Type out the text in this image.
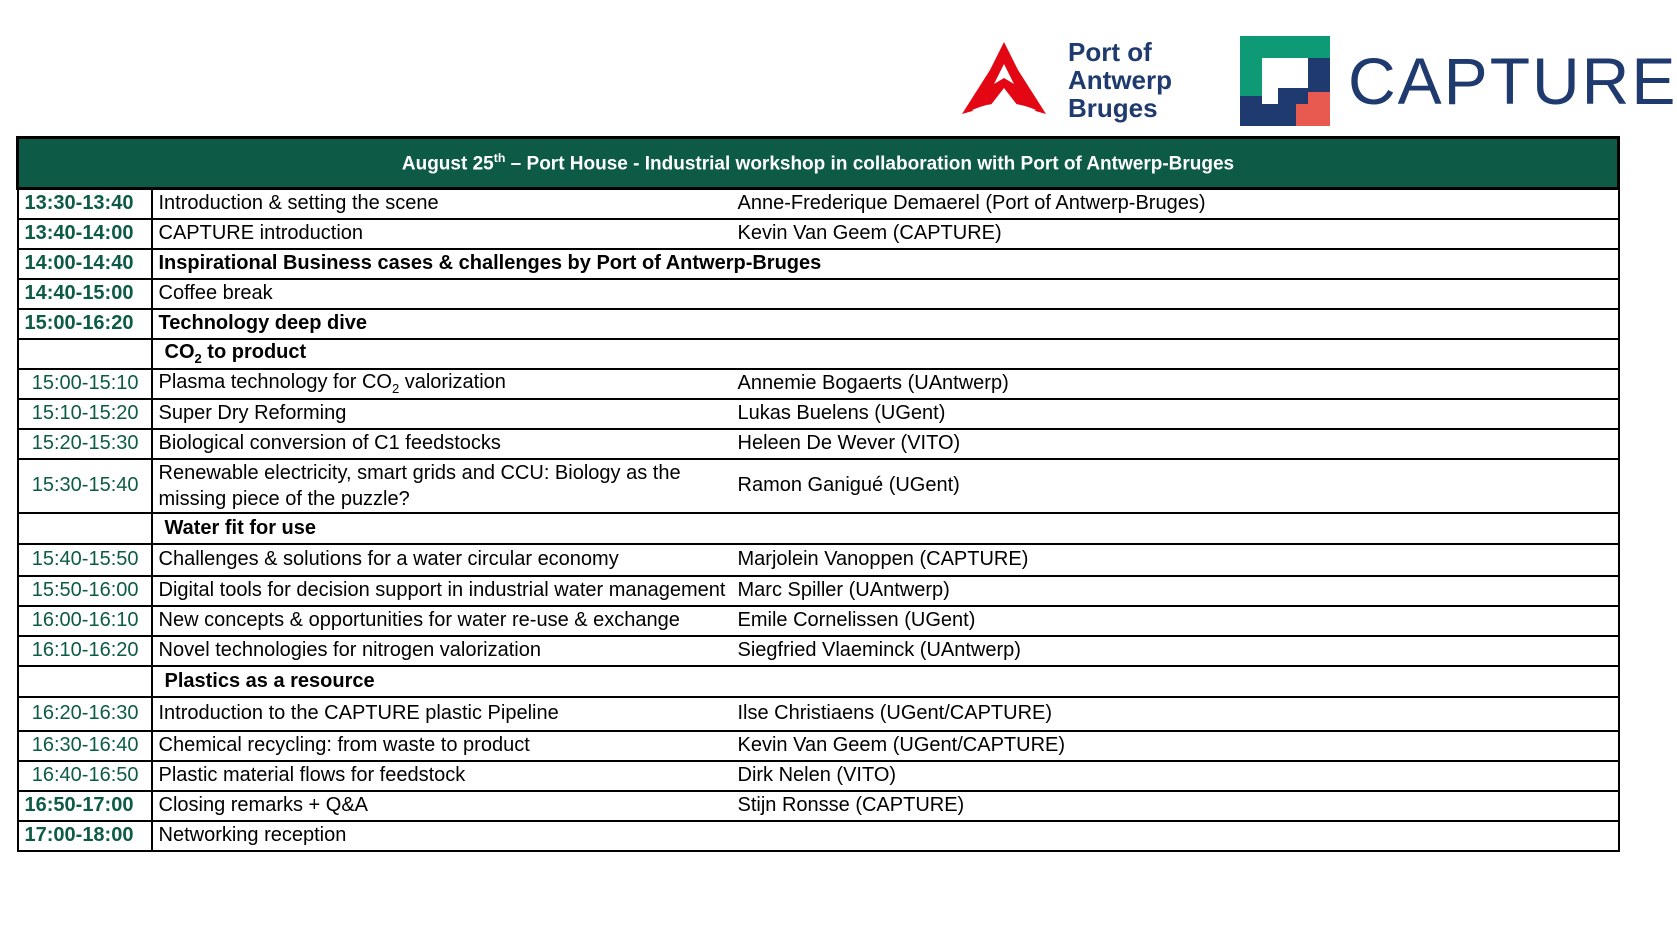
Port of
Antwerp
Bruges	CAPTURE
August 25th – Port House - Industrial workshop in collaboration with Port of Antwerp-Bruges		
13:30-13:40	Introduction & setting the scene	Anne-Frederique Demaerel (Port of Antwerp-Bruges)
13:40-14:00	CAPTURE introduction	Kevin Van Geem (CAPTURE)
14:00-14:40	Inspirational Business cases & challenges by Port of Antwerp-Bruges	
14:40-15:00	Coffee break	
15:00-16:20	Technology deep dive	
	$CO_2$ to product	
15:00-15:10	Plasma technology for $CO_2$ valorization	Annemie Bogaerts (UAntwerp)
15:10-15:20	Super Dry Reforming	Lukas Buelens (UGent)
15:20-15:30	Biological conversion of C1 feedstocks	Heleen De Wever (VITO)
15:30-15:40	Renewable electricity, smart grids and CCU: Biology as the missing piece of the puzzle?	Ramon Ganigué (UGent)
	Water fit for use	
15:40-15:50	Challenges & solutions for a water circular economy	Marjolein Vanoppen (CAPTURE)
15:50-16:00	Digital tools for decision support in industrial water management	Marc Spiller (UAntwerp)
16:00-16:10	New concepts & opportunities for water re-use & exchange	Emile Cornelissen (UGent)
16:10-16:20	Novel technologies for nitrogen valorization	Siegfried Vlaeminck (UAntwerp)
	Plastics as a resource	
16:20-16:30	Introduction to the CAPTURE plastic Pipeline	Ilse Christiaens (UGent/CAPTURE)
16:30-16:40	Chemical recycling: from waste to product	Kevin Van Geem (UGent/CAPTURE)
16:40-16:50	Plastic material flows for feedstock	Dirk Nelen (VITO)
16:50-17:00	Closing remarks + Q&A	Stijn Ronsse (CAPTURE)
17:00-18:00	Networking reception	
